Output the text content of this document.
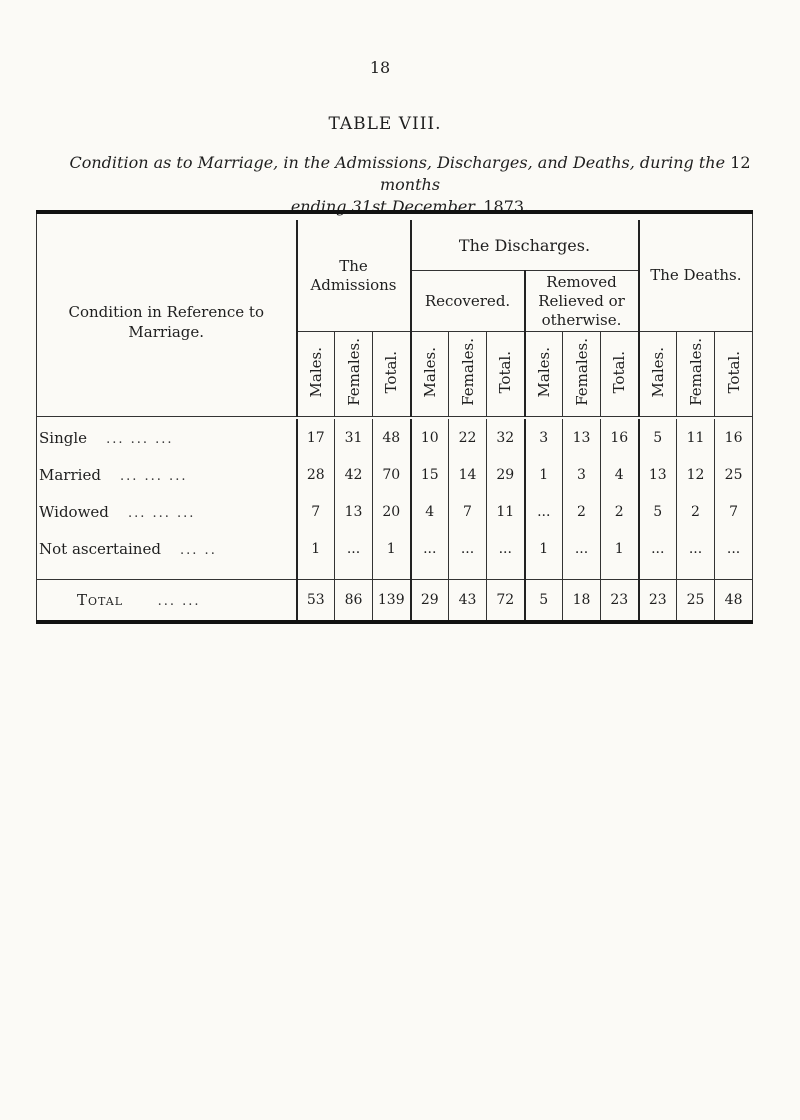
18
TABLE VIII.
Condition as to Marriage, in the Admissions, Discharges, and Deaths, during the 12 months
ending 31st December, 1873.

Condition in Reference to Marriage.	The Admissions			The Discharges.						The Deaths.		
				Recovered.			Removed Relieved or otherwise.					
	Males.	Females.	Total.	Males.	Females.	Total.	Males.	Females.	Total.	Males.	Females.	Total.

Single ... ... ...	17	31	48	10	22	32	3	13	16	5	11	16
Married ... ... ...	28	42	70	15	14	29	1	3	4	13	12	25
Widowed ... ... ...	7	13	20	4	7	11	...	2	2	5	2	7
Not ascertained ... ..	1	...	1	...	...	...	1	...	1	...	...	...

Total ... ...	53	86	139	29	43	72	5	18	23	23	25	48
